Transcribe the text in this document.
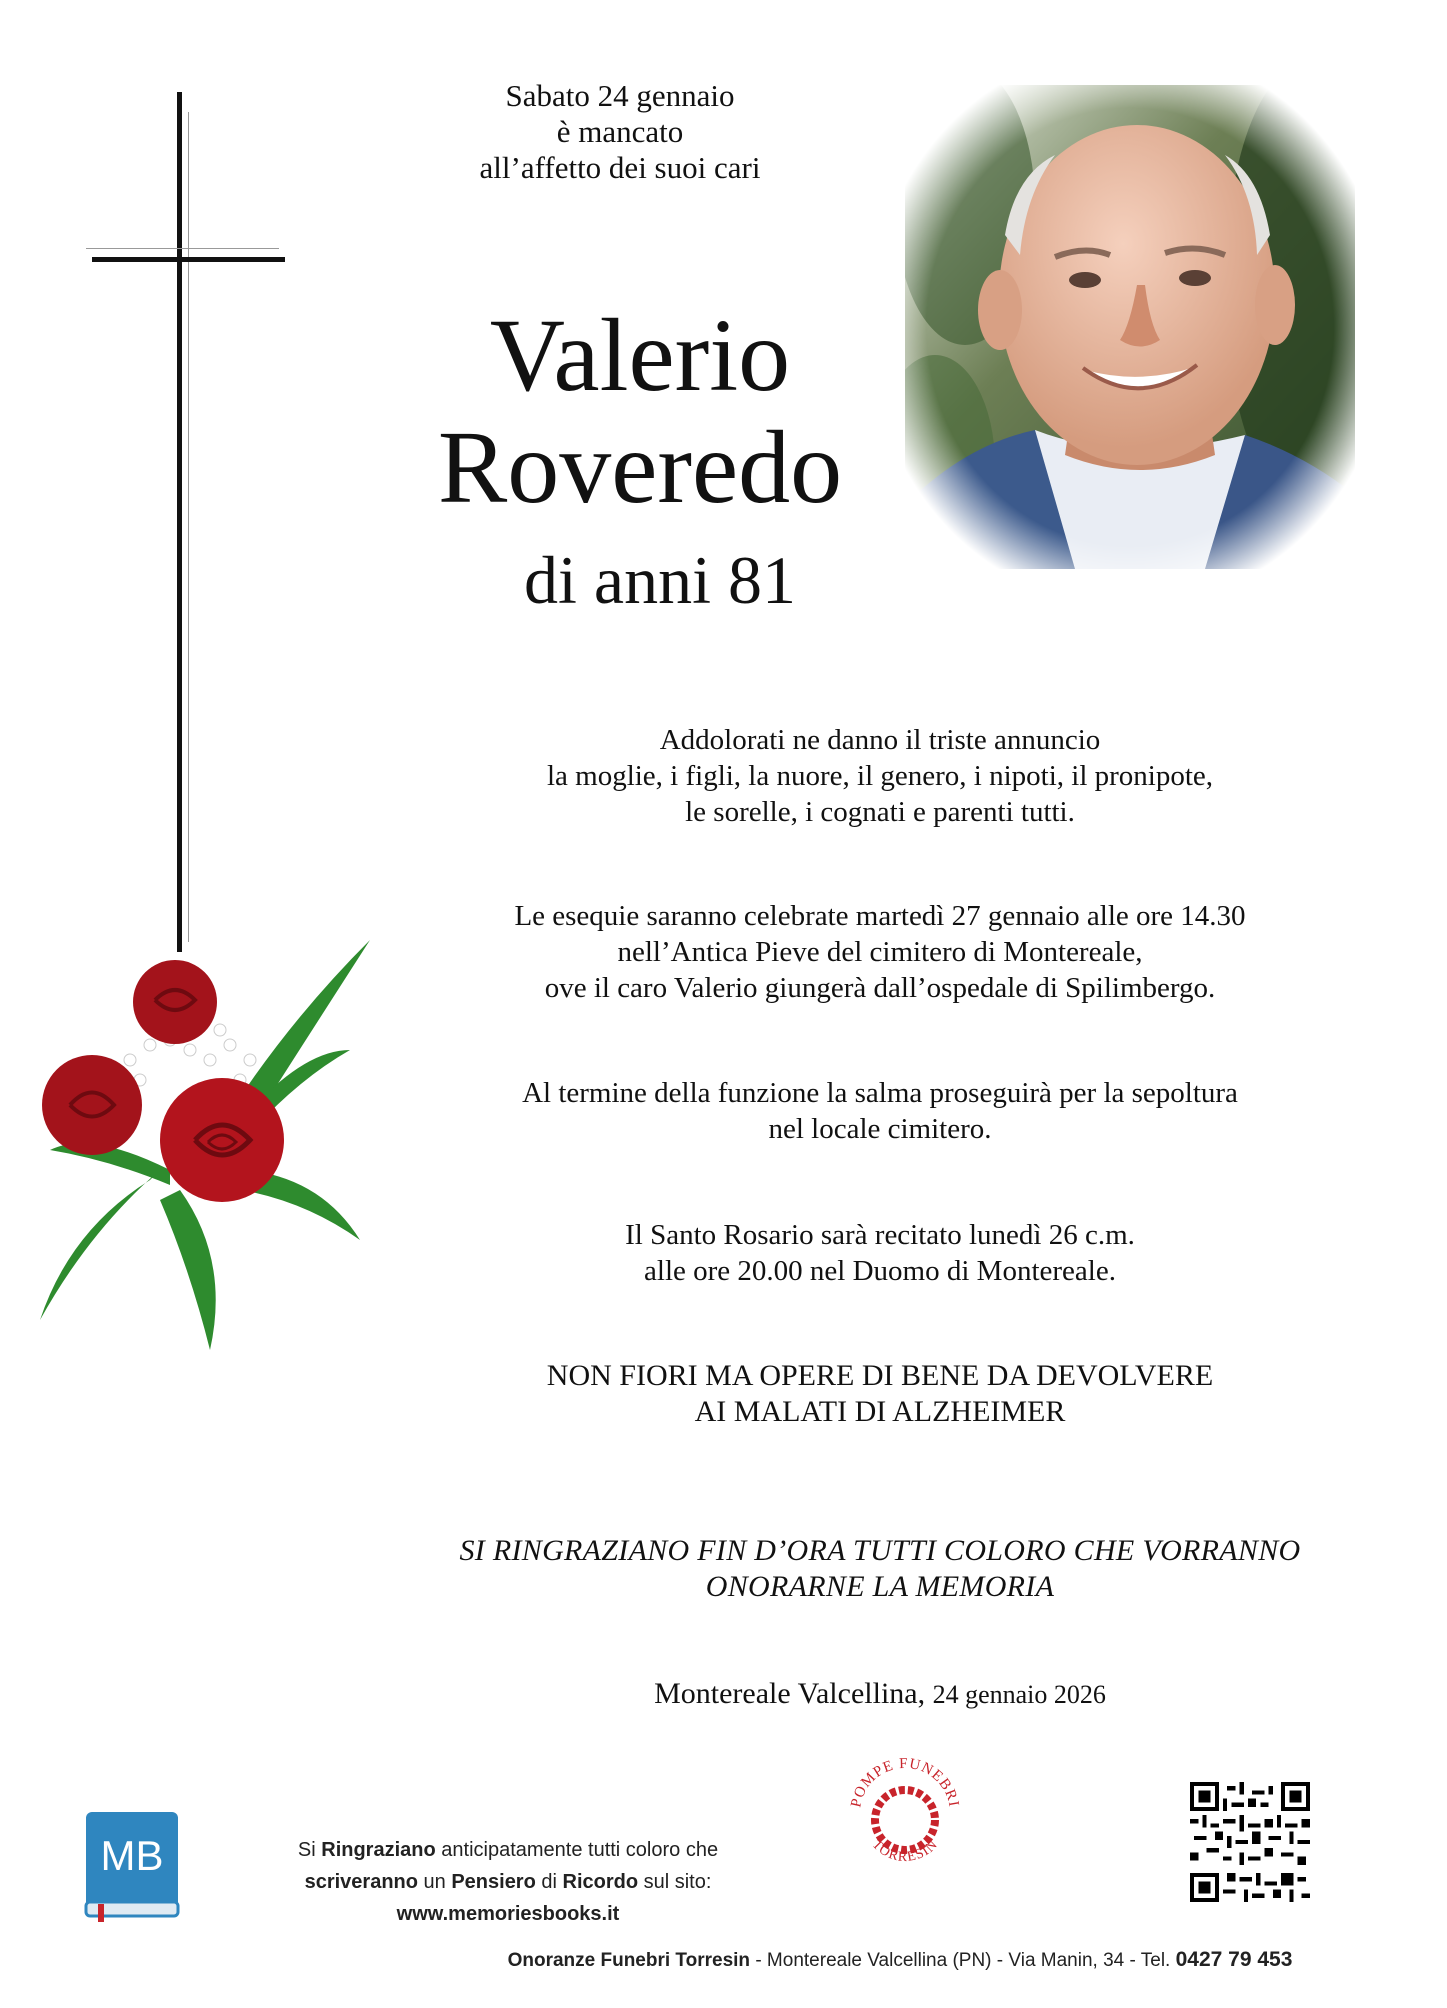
Sabato 24 gennaio
è mancato
all’affetto dei suoi cari
Valerio
Roveredo
di anni 81
Addolorati ne danno il triste annuncio
la moglie, i figli, la nuore, il genero, i nipoti, il pronipote,
le sorelle, i cognati e parenti tutti.
Le esequie saranno celebrate martedì 27 gennaio alle ore 14.30
nell’Antica Pieve del cimitero di Montereale,
ove il caro Valerio giungerà dall’ospedale di Spilimbergo.
Al termine della funzione la salma proseguirà per la sepoltura
nel locale cimitero.
Il Santo Rosario sarà recitato lunedì 26 c.m.
alle ore 20.00 nel Duomo di Montereale.
NON FIORI MA OPERE DI BENE DA DEVOLVERE
AI MALATI DI ALZHEIMER
SI RINGRAZIANO FIN D’ORA TUTTI COLORO CHE VORRANNO
ONORARNE LA MEMORIA
Montereale Valcellina, 24 gennaio 2026
MB	Si Ringraziano anticipatamente tutti coloro che
scriveranno un Pensiero di Ricordo sul sito:
www.memoriesbooks.it
POMPE FUNEBRI
TORRESIN
Onoranze Funebri Torresin - Montereale Valcellina (PN) - Via Manin, 34 - Tel. 0427 79 453
